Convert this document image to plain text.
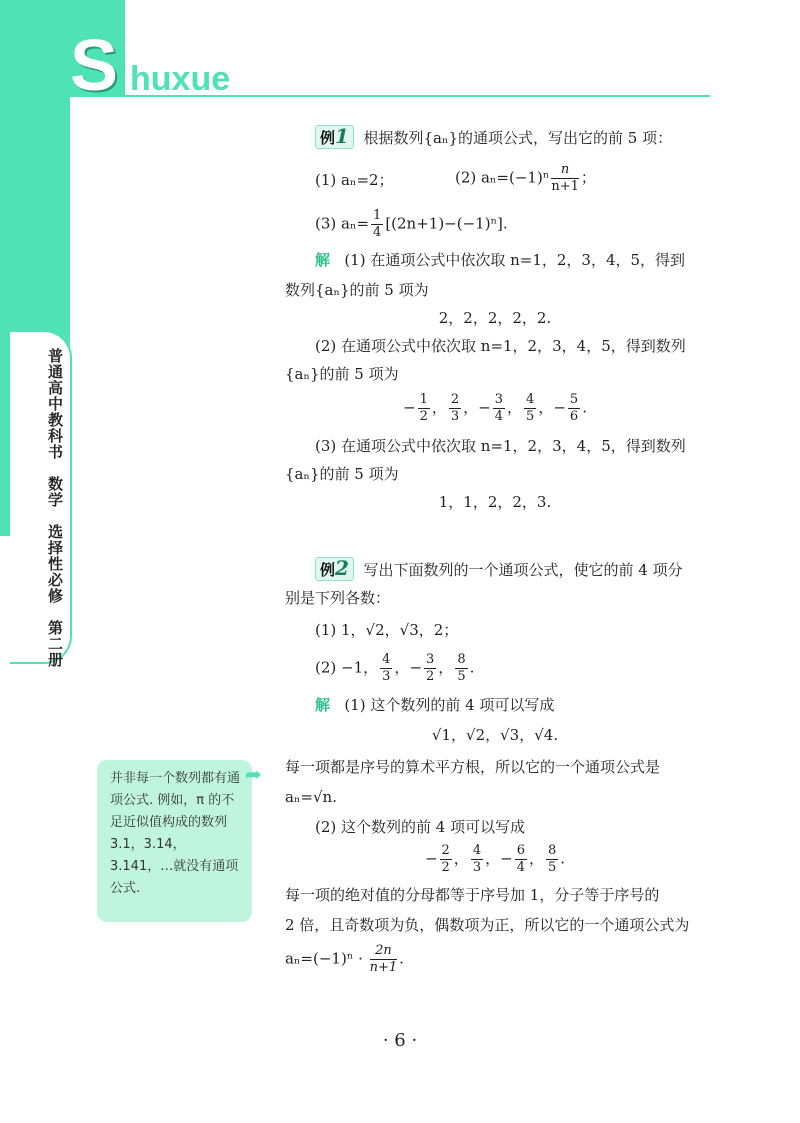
S huxue
普通高中教科书　数学　选择性必修　第二册
例1 根据数列{aₙ}的通项公式，写出它的前 5 项：
(1) aₙ=2；	(2) $a_n=(-1)^n \frac{n}{n+1}$ ；
(3) $a_n= \frac{1}{4} [(2n+1)-(-1)^n]$.
解 (1) 在通项公式中依次取 n=1，2，3，4，5，得到
数列{aₙ}的前 5 项为
2，2，2，2，2.
(2) 在通项公式中依次取 n=1，2，3，4，5，得到数列
{aₙ}的前 5 项为
− $\frac{1}{2}$ ， $\frac{2}{3}$ ，− $\frac{3}{4}$ ， $\frac{4}{5}$ ，− $\frac{5}{6}$ .
(3) 在通项公式中依次取 n=1，2，3，4，5，得到数列
{aₙ}的前 5 项为
1，1，2，2，3.
例2 写出下面数列的一个通项公式，使它的前 4 项分
别是下列各数：
(1) 1，√2，√3，2；
(2) −1， $\frac{4}{3}$ ，− $\frac{3}{2}$ ， $\frac{8}{5}$ .
解 (1) 这个数列的前 4 项可以写成
√1，√2，√3，√4.
每一项都是序号的算术平方根，所以它的一个通项公式是
aₙ=√n.
(2) 这个数列的前 4 项可以写成
− $\frac{2}{2}$ ， $\frac{4}{3}$ ，− $\frac{6}{4}$ ， $\frac{8}{5}$ .
每一项的绝对值的分母都等于序号加 1，分子等于序号的
2 倍，且奇数项为负，偶数项为正，所以它的一个通项公式为
$a_n=(-1)^n \cdot \frac{2n}{n+1}$ .
并非每一个数列都有通项公式. 例如，π 的不足近似值构成的数列 3.1，3.14，3.141，…就没有通项公式.
➦
· 6 ·
